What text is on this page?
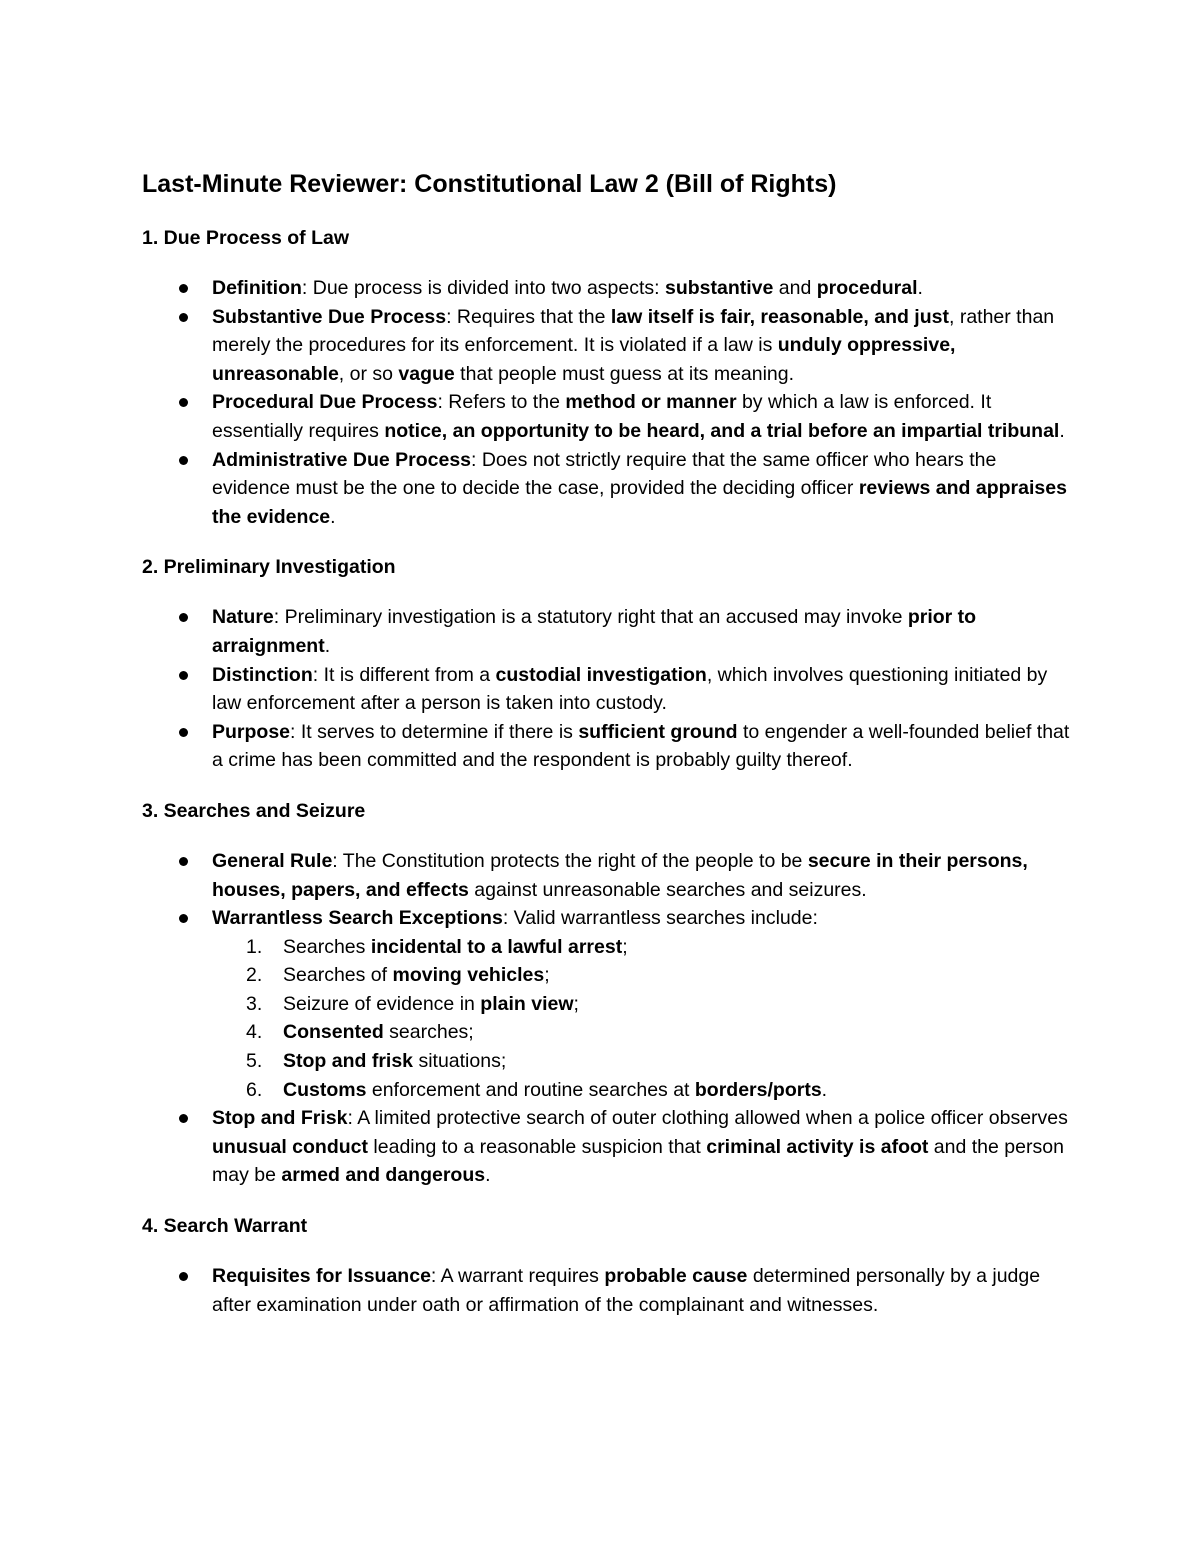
Last-Minute Reviewer: Constitutional Law 2 (Bill of Rights)
1. Due Process of Law
Definition: Due process is divided into two aspects: substantive and procedural.
Substantive Due Process: Requires that the law itself is fair, reasonable, and just, rather than merely the procedures for its enforcement. It is violated if a law is unduly oppressive, unreasonable, or so vague that people must guess at its meaning.
Procedural Due Process: Refers to the method or manner by which a law is enforced. It essentially requires notice, an opportunity to be heard, and a trial before an impartial tribunal.
Administrative Due Process: Does not strictly require that the same officer who hears the evidence must be the one to decide the case, provided the deciding officer reviews and appraises the evidence.
2. Preliminary Investigation
Nature: Preliminary investigation is a statutory right that an accused may invoke prior to arraignment.
Distinction: It is different from a custodial investigation, which involves questioning initiated by law enforcement after a person is taken into custody.
Purpose: It serves to determine if there is sufficient ground to engender a well-founded belief that a crime has been committed and the respondent is probably guilty thereof.
3. Searches and Seizure
General Rule: The Constitution protects the right of the people to be secure in their persons, houses, papers, and effects against unreasonable searches and seizures.
Warrantless Search Exceptions: Valid warrantless searches include:
1.	Searches incidental to a lawful arrest;
2.	Searches of moving vehicles;
3.	Seizure of evidence in plain view;
4.	Consented searches;
5.	Stop and frisk situations;
6.	Customs enforcement and routine searches at borders/ports.
Stop and Frisk: A limited protective search of outer clothing allowed when a police officer observes unusual conduct leading to a reasonable suspicion that criminal activity is afoot and the person may be armed and dangerous.
4. Search Warrant
Requisites for Issuance: A warrant requires probable cause determined personally by a judge after examination under oath or affirmation of the complainant and witnesses.
